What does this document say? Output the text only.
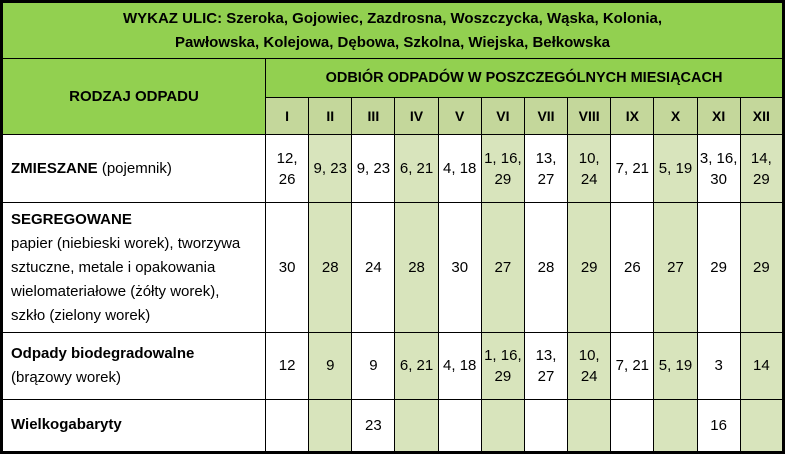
WYKAZ ULIC: Szeroka, Gojowiec, Zazdrosna, Woszczycka, Wąska, Kolonia,
Pawłowska, Kolejowa, Dębowa, Szkolna, Wiejska, Bełkowska												

RODZAJ ODPADU	ODBIÓR ODPADÓW W POSZCZEGÓLNYCH MIESIĄCACH											
	I	II	III	IV	V	VI	VII	VIII	IX	X	XI	XII
ZMIESZANE (pojemnik)	12, 26	9, 23	9, 23	6, 21	4, 18	1, 16, 29	13, 27	10, 24	7, 21	5, 19	3, 16, 30	14, 29
SEGREGOWANE
papier (niebieski worek), tworzywa sztuczne, metale i opakowania wielomateriałowe (żółty worek), szkło (zielony worek)	30	28	24	28	30	27	28	29	26	27	29	29
Odpady biodegradowalne
(brązowy worek)	12	9	9	6, 21	4, 18	1, 16, 29	13, 27	10, 24	7, 21	5, 19	3	14
Wielkogabaryty			23								16	
